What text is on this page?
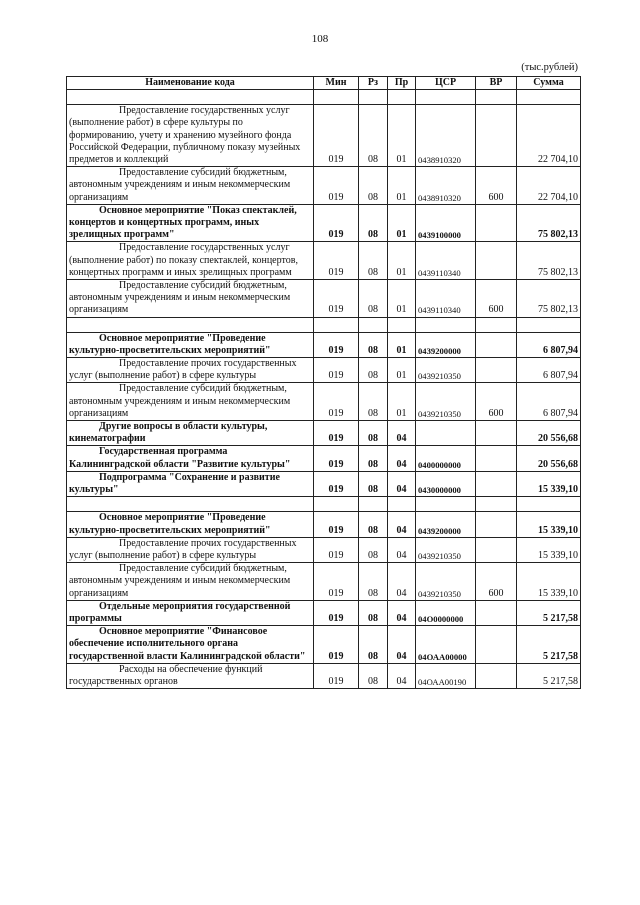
108
(тыс.рублей)
Наименование кода	Мин	Рз	Пр	ЦСР	ВР	Сумма

Предоставление государственных услуг (выполнение работ) в сфере культуры по формированию, учету и хранению музейного фонда Российской Федерации, публичному показу музейных предметов и коллекций	019	08	01	0438910320		22 704,10
Предоставление субсидий бюджетным, автономным учреждениям и иным некоммерческим организациям	019	08	01	0438910320	600	22 704,10
Основное мероприятие "Показ спектаклей, концертов и концертных программ, иных зрелищных программ"	019	08	01	0439100000		75 802,13
Предоставление государственных услуг (выполнение работ) по показу спектаклей, концертов, концертных программ и иных зрелищных программ	019	08	01	0439110340		75 802,13
Предоставление субсидий бюджетным, автономным учреждениям и иным некоммерческим организациям	019	08	01	0439110340	600	75 802,13

Основное мероприятие "Проведение культурно-просветительских мероприятий"	019	08	01	0439200000		6 807,94
Предоставление прочих государственных услуг (выполнение работ) в сфере культуры	019	08	01	0439210350		6 807,94
Предоставление субсидий бюджетным, автономным учреждениям и иным некоммерческим организациям	019	08	01	0439210350	600	6 807,94
Другие вопросы в области культуры, кинематографии	019	08	04			20 556,68
Государственная программа Калининградской области "Развитие культуры"	019	08	04	0400000000		20 556,68
Подпрограмма "Сохранение и развитие культуры"	019	08	04	0430000000		15 339,10

Основное мероприятие "Проведение культурно-просветительских мероприятий"	019	08	04	0439200000		15 339,10
Предоставление прочих государственных услуг (выполнение работ) в сфере культуры	019	08	04	0439210350		15 339,10
Предоставление субсидий бюджетным, автономным учреждениям и иным некоммерческим организациям	019	08	04	0439210350	600	15 339,10
Отдельные мероприятия государственной программы	019	08	04	04О0000000		5 217,58
Основное мероприятие "Финансовое обеспечение исполнительного органа государственной власти Калининградской области"	019	08	04	04ОАА00000		5 217,58
Расходы на обеспечение функций государственных органов	019	08	04	04ОАА00190		5 217,58
